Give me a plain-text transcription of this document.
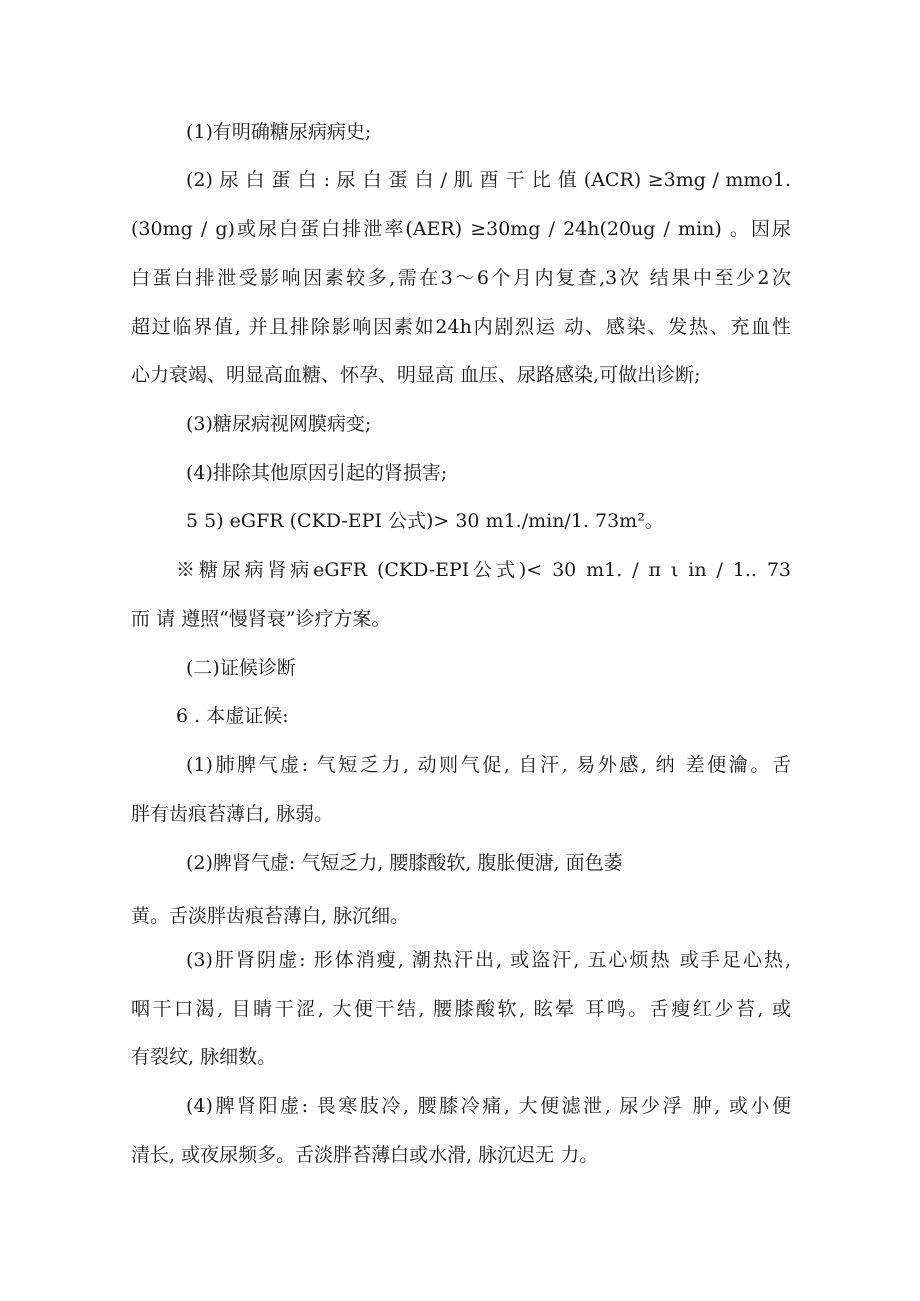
(1)有明确糖尿病病史;

(2) 尿 白 蛋 白 : 尿 白 蛋 白 / 肌 酉 干 比 值 (ACR) ≥3mg / mmo1.

(30mg / g)或尿白蛋白排泄率(AER) ≥30mg / 24h(20ug / min) 。因尿

白蛋白排泄受影响因素较多,需在3〜6个月内复查,3次 结果中至少2次

超过临界值, 并且排除影响因素如24h内剧烈运 动、感染、发热、充血性

心力衰竭、明显高血糖、怀孕、明显高 血压、尿路感染,可做出诊断;

(3)糖尿病视网膜病变;

(4)排除其他原因引起的肾损害;

5 5) eGFR (CKD-EPI 公式)> 30 m1./min/1. 73m²。

※糖尿病肾病eGFR (CKD-EPI公式)< 30 m1. / π ι in / 1.. 73

而 请 遵照“慢肾衰”诊疗方案。

(二)证候诊断

6 . 本虚证候:

(1)肺脾气虚: 气短乏力, 动则气促, 自汗, 易外感, 纳 差便瀹。舌

胖有齿痕苔薄白, 脉弱。

(2)脾肾气虚: 气短乏力, 腰膝酸软, 腹胀便溏, 面色萎

黄。舌淡胖齿痕苔薄白, 脉沉细。

(3)肝肾阴虚: 形体消瘦, 潮热汗出, 或盗汗, 五心烦热 或手足心热,

咽干口渴, 目睛干涩, 大便干结, 腰膝酸软, 眩晕 耳鸣。舌瘦红少苔, 或

有裂纹, 脉细数。

(4)脾肾阳虚: 畏寒肢冷, 腰膝冷痛, 大便滤泄, 尿少浮 肿, 或小便

清长, 或夜尿频多。舌淡胖苔薄白或水滑, 脉沉迟无 力。
